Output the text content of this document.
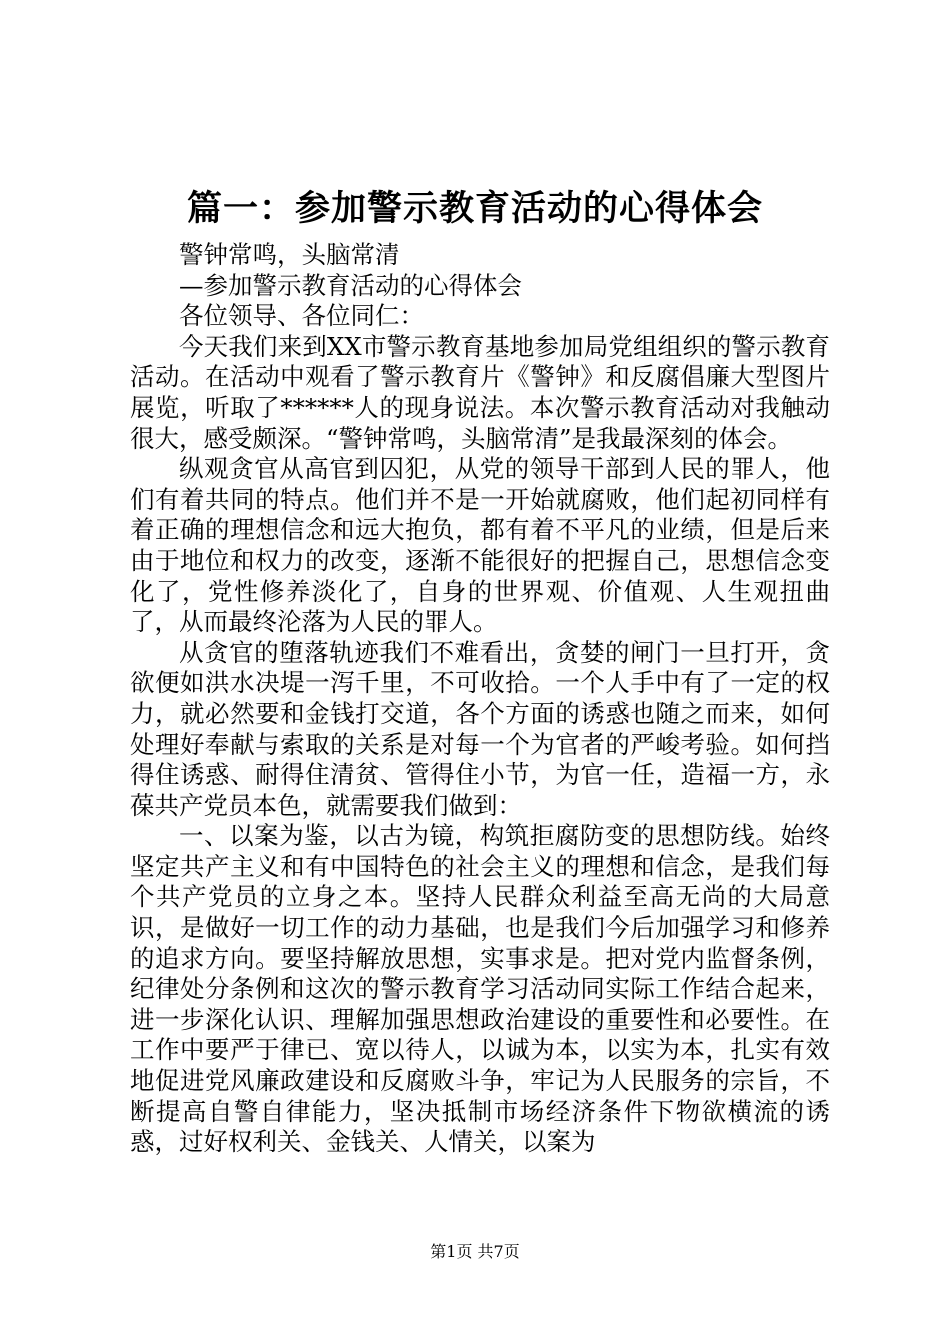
篇一：参加警示教育活动的心得体会

警钟常鸣，头脑常清

—参加警示教育活动的心得体会

各位领导、各位同仁：

今天我们来到XX市警示教育基地参加局党组组织的警示教育活动。在活动中观看了警示教育片《警钟》和反腐倡廉大型图片展览，听取了******人的现身说法。本次警示教育活动对我触动很大，感受颇深。“警钟常鸣，头脑常清”是我最深刻的体会。

纵观贪官从高官到囚犯，从党的领导干部到人民的罪人，他们有着共同的特点。他们并不是一开始就腐败，他们起初同样有着正确的理想信念和远大抱负，都有着不平凡的业绩，但是后来由于地位和权力的改变，逐渐不能很好的把握自己，思想信念变化了，党性修养淡化了，自身的世界观、价值观、人生观扭曲了，从而最终沦落为人民的罪人。

从贪官的堕落轨迹我们不难看出，贪婪的闸门一旦打开，贪欲便如洪水决堤一泻千里，不可收拾。一个人手中有了一定的权力，就必然要和金钱打交道，各个方面的诱惑也随之而来，如何处理好奉献与索取的关系是对每一个为官者的严峻考验。如何挡得住诱惑、耐得住清贫、管得住小节，为官一任，造福一方，永葆共产党员本色，就需要我们做到：

一、以案为鉴，以古为镜，构筑拒腐防变的思想防线。始终坚定共产主义和有中国特色的社会主义的理想和信念，是我们每个共产党员的立身之本。坚持人民群众利益至高无尚的大局意识，是做好一切工作的动力基础，也是我们今后加强学习和修养的追求方向。要坚持解放思想，实事求是。把对党内监督条例，纪律处分条例和这次的警示教育学习活动同实际工作结合起来，进一步深化认识、理解加强思想政治建设的重要性和必要性。在工作中要严于律已、宽以待人，以诚为本，以实为本，扎实有效地促进党风廉政建设和反腐败斗争，牢记为人民服务的宗旨，不断提高自警自律能力，坚决抵制市场经济条件下物欲横流的诱惑，过好权利关、金钱关、人情关，以案为

第1页 共7页
